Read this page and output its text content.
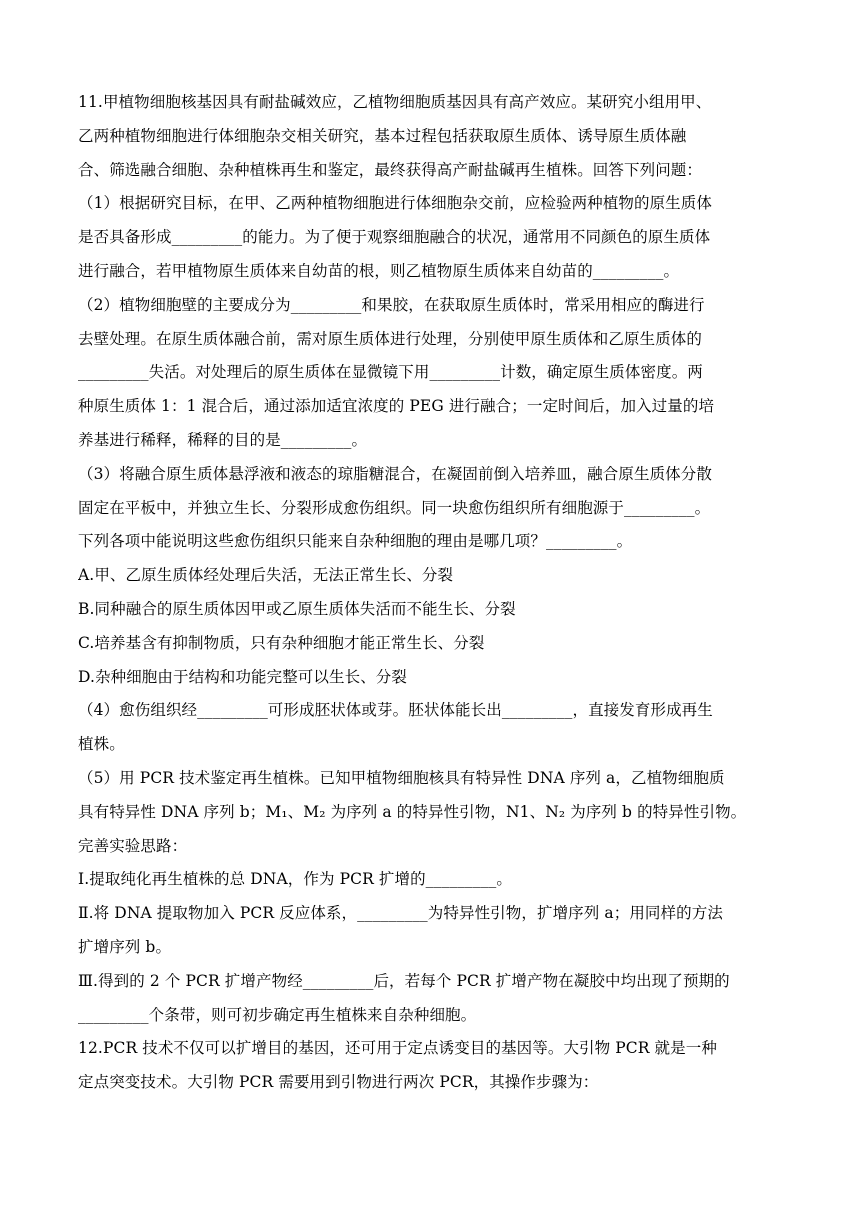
11.甲植物细胞核基因具有耐盐碱效应，乙植物细胞质基因具有高产效应。某研究小组用甲、
乙两种植物细胞进行体细胞杂交相关研究，基本过程包括获取原生质体、诱导原生质体融
合、筛选融合细胞、杂种植株再生和鉴定，最终获得高产耐盐碱再生植株。回答下列问题：
（1）根据研究目标，在甲、乙两种植物细胞进行体细胞杂交前，应检验两种植物的原生质体
是否具备形成_________的能力。为了便于观察细胞融合的状况，通常用不同颜色的原生质体
进行融合，若甲植物原生质体来自幼苗的根，则乙植物原生质体来自幼苗的_________。
（2）植物细胞壁的主要成分为_________和果胶，在获取原生质体时，常采用相应的酶进行
去壁处理。在原生质体融合前，需对原生质体进行处理，分别使甲原生质体和乙原生质体的
_________失活。对处理后的原生质体在显微镜下用_________计数，确定原生质体密度。两
种原生质体 1：1 混合后，通过添加适宜浓度的 PEG 进行融合；一定时间后，加入过量的培
养基进行稀释，稀释的目的是_________。
（3）将融合原生质体悬浮液和液态的琼脂糖混合，在凝固前倒入培养皿，融合原生质体分散
固定在平板中，并独立生长、分裂形成愈伤组织。同一块愈伤组织所有细胞源于_________。
下列各项中能说明这些愈伤组织只能来自杂种细胞的理由是哪几项？_________。
A.甲、乙原生质体经处理后失活，无法正常生长、分裂
B.同种融合的原生质体因甲或乙原生质体失活而不能生长、分裂
C.培养基含有抑制物质，只有杂种细胞才能正常生长、分裂
D.杂种细胞由于结构和功能完整可以生长、分裂
（4）愈伤组织经_________可形成胚状体或芽。胚状体能长出_________，直接发育形成再生
植株。
（5）用 PCR 技术鉴定再生植株。已知甲植物细胞核具有特异性 DNA 序列 a，乙植物细胞质
具有特异性 DNA 序列 b；M₁、M₂ 为序列 a 的特异性引物，N1、N₂ 为序列 b 的特异性引物。
完善实验思路：
Ⅰ.提取纯化再生植株的总 DNA，作为 PCR 扩增的_________。
Ⅱ.将 DNA 提取物加入 PCR 反应体系，_________为特异性引物，扩增序列 a；用同样的方法
扩增序列 b。
Ⅲ.得到的 2 个 PCR 扩增产物经_________后，若每个 PCR 扩增产物在凝胶中均出现了预期的
_________个条带，则可初步确定再生植株来自杂种细胞。
12.PCR 技术不仅可以扩增目的基因，还可用于定点诱变目的基因等。大引物 PCR 就是一种
定点突变技术。大引物 PCR 需要用到引物进行两次 PCR，其操作步骤为：
